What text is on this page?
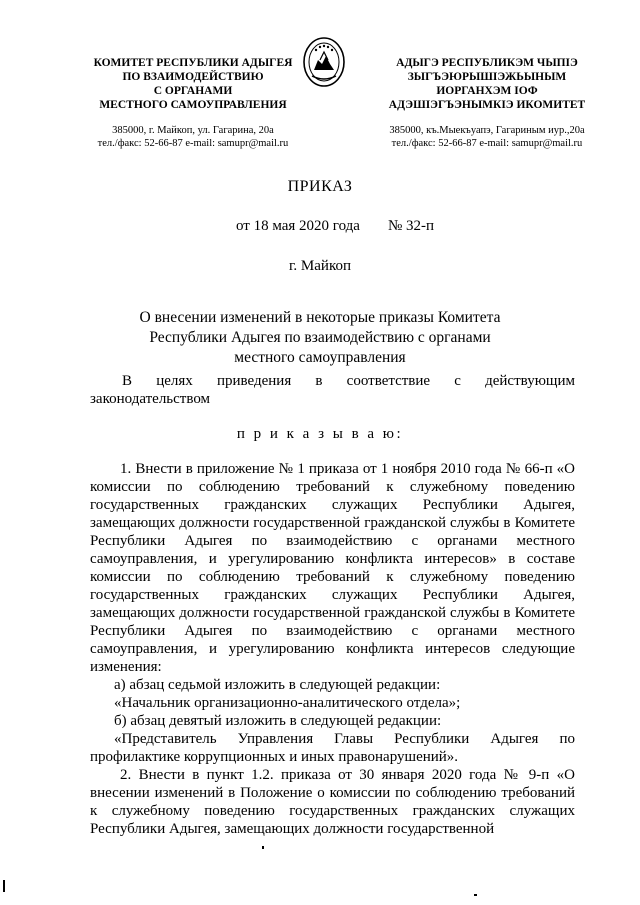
КОМИТЕТ РЕСПУБЛИКИ АДЫГЕЯ
ПО ВЗАИМОДЕЙСТВИЮ
С ОРГАНАМИ
МЕСТНОГО САМОУПРАВЛЕНИЯ
385000, г. Майкоп, ул. Гагарина, 20а
тел./факс: 52-66-87 e-mail: samupr@mail.ru
АДЫГЭ РЕСПУБЛИКЭМ ЧЫПІЭ
ЗЫГЪЭЮРЫШІЭЖЬЫНЫМ
ИОРГАНХЭМ ІОФ
АДЭШІЭГЪЭНЫМКІЭ ИКОМИТЕТ
385000, къ.Мыекъуапэ, Гагариным иур.,20а
тел./факс: 52-66-87 e-mail: samupr@mail.ru
ПРИКАЗ
от 18 мая 2020 года № 32-п
г. Майкоп
О внесении изменений в некоторые приказы Комитета Республики Адыгея по взаимодействию с органами местного самоуправления
В целях приведения в соответствие с действующим законодательством
п р и к а з ы в а ю:
1. Внести в приложение № 1 приказа от 1 ноября 2010 года № 66-п «О комиссии по соблюдению требований к служебному поведению государственных гражданских служащих Республики Адыгея, замещающих должности государственной гражданской службы в Комитете Республики Адыгея по взаимодействию с органами местного самоуправления, и урегулированию конфликта интересов» в составе комиссии по соблюдению требований к служебному поведению государственных гражданских служащих Республики Адыгея, замещающих должности государственной гражданской службы в Комитете Республики Адыгея по взаимодействию с органами местного самоуправления, и урегулированию конфликта интересов следующие изменения:
а) абзац седьмой изложить в следующей редакции:
«Начальник организационно-аналитического отдела»;
б) абзац девятый изложить в следующей редакции:
«Представитель Управления Главы Республики Адыгея по профилактике коррупционных и иных правонарушений».
2. Внести в пункт 1.2. приказа от 30 января 2020 года № 9-п «О внесении изменений в Положение о комиссии по соблюдению требований к служебному поведению государственных гражданских служащих Республики Адыгея, замещающих должности государственной
